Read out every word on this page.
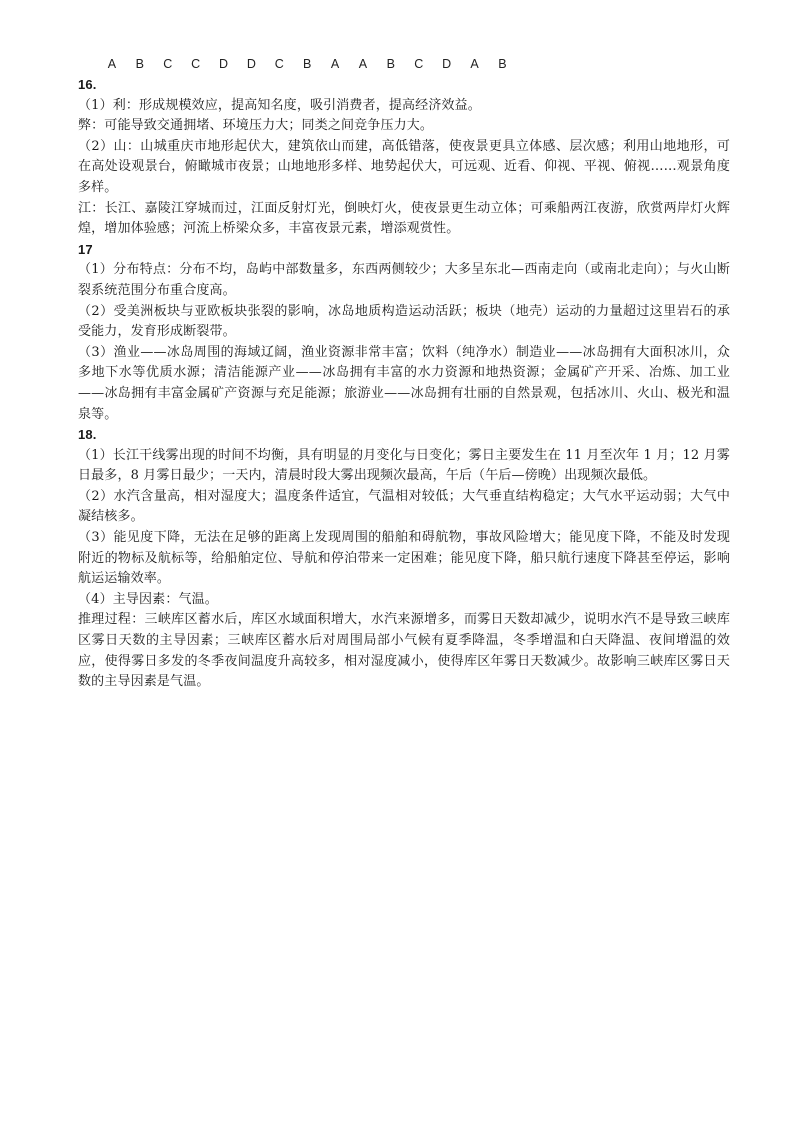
A	B	C	C	D	D	C	B	A	A	B	C	D	A	B

16.

（1）利：形成规模效应，提高知名度，吸引消费者，提高经济效益。

弊：可能导致交通拥堵、环境压力大；同类之间竞争压力大。

（2）山：山城重庆市地形起伏大，建筑依山而建，高低错落，使夜景更具立体感、层次感；利用山地地形，可在高处设观景台，俯瞰城市夜景；山地地形多样、地势起伏大，可远观、近看、仰视、平视、俯视……观景角度多样。

江：长江、嘉陵江穿城而过，江面反射灯光，倒映灯火，使夜景更生动立体；可乘船两江夜游，欣赏两岸灯火辉煌，增加体验感；河流上桥梁众多，丰富夜景元素，增添观赏性。

17

（1）分布特点：分布不均，岛屿中部数量多，东西两侧较少；大多呈东北—西南走向（或南北走向）；与火山断裂系统范围分布重合度高。

（2）受美洲板块与亚欧板块张裂的影响，冰岛地质构造运动活跃；板块（地壳）运动的力量超过这里岩石的承受能力，发育形成断裂带。

（3）渔业——冰岛周围的海域辽阔，渔业资源非常丰富；饮料（纯净水）制造业——冰岛拥有大面积冰川，众多地下水等优质水源；清洁能源产业——冰岛拥有丰富的水力资源和地热资源；金属矿产开采、冶炼、加工业——冰岛拥有丰富金属矿产资源与充足能源；旅游业——冰岛拥有壮丽的自然景观，包括冰川、火山、极光和温泉等。

18.

（1）长江干线雾出现的时间不均衡，具有明显的月变化与日变化；雾日主要发生在 11 月至次年 1 月；12 月雾日最多，8 月雾日最少；一天内，清晨时段大雾出现频次最高，午后（午后—傍晚）出现频次最低。

（2）水汽含量高，相对湿度大；温度条件适宜，气温相对较低；大气垂直结构稳定；大气水平运动弱；大气中凝结核多。

（3）能见度下降，无法在足够的距离上发现周围的船舶和碍航物，事故风险增大；能见度下降，不能及时发现附近的物标及航标等，给船舶定位、导航和停泊带来一定困难；能见度下降，船只航行速度下降甚至停运，影响航运运输效率。

（4）主导因素：气温。

推理过程：三峡库区蓄水后，库区水域面积增大，水汽来源增多，而雾日天数却减少，说明水汽不是导致三峡库区雾日天数的主导因素；三峡库区蓄水后对周围局部小气候有夏季降温，冬季增温和白天降温、夜间增温的效应，使得雾日多发的冬季夜间温度升高较多，相对湿度减小，使得库区年雾日天数减少。故影响三峡库区雾日天数的主导因素是气温。
